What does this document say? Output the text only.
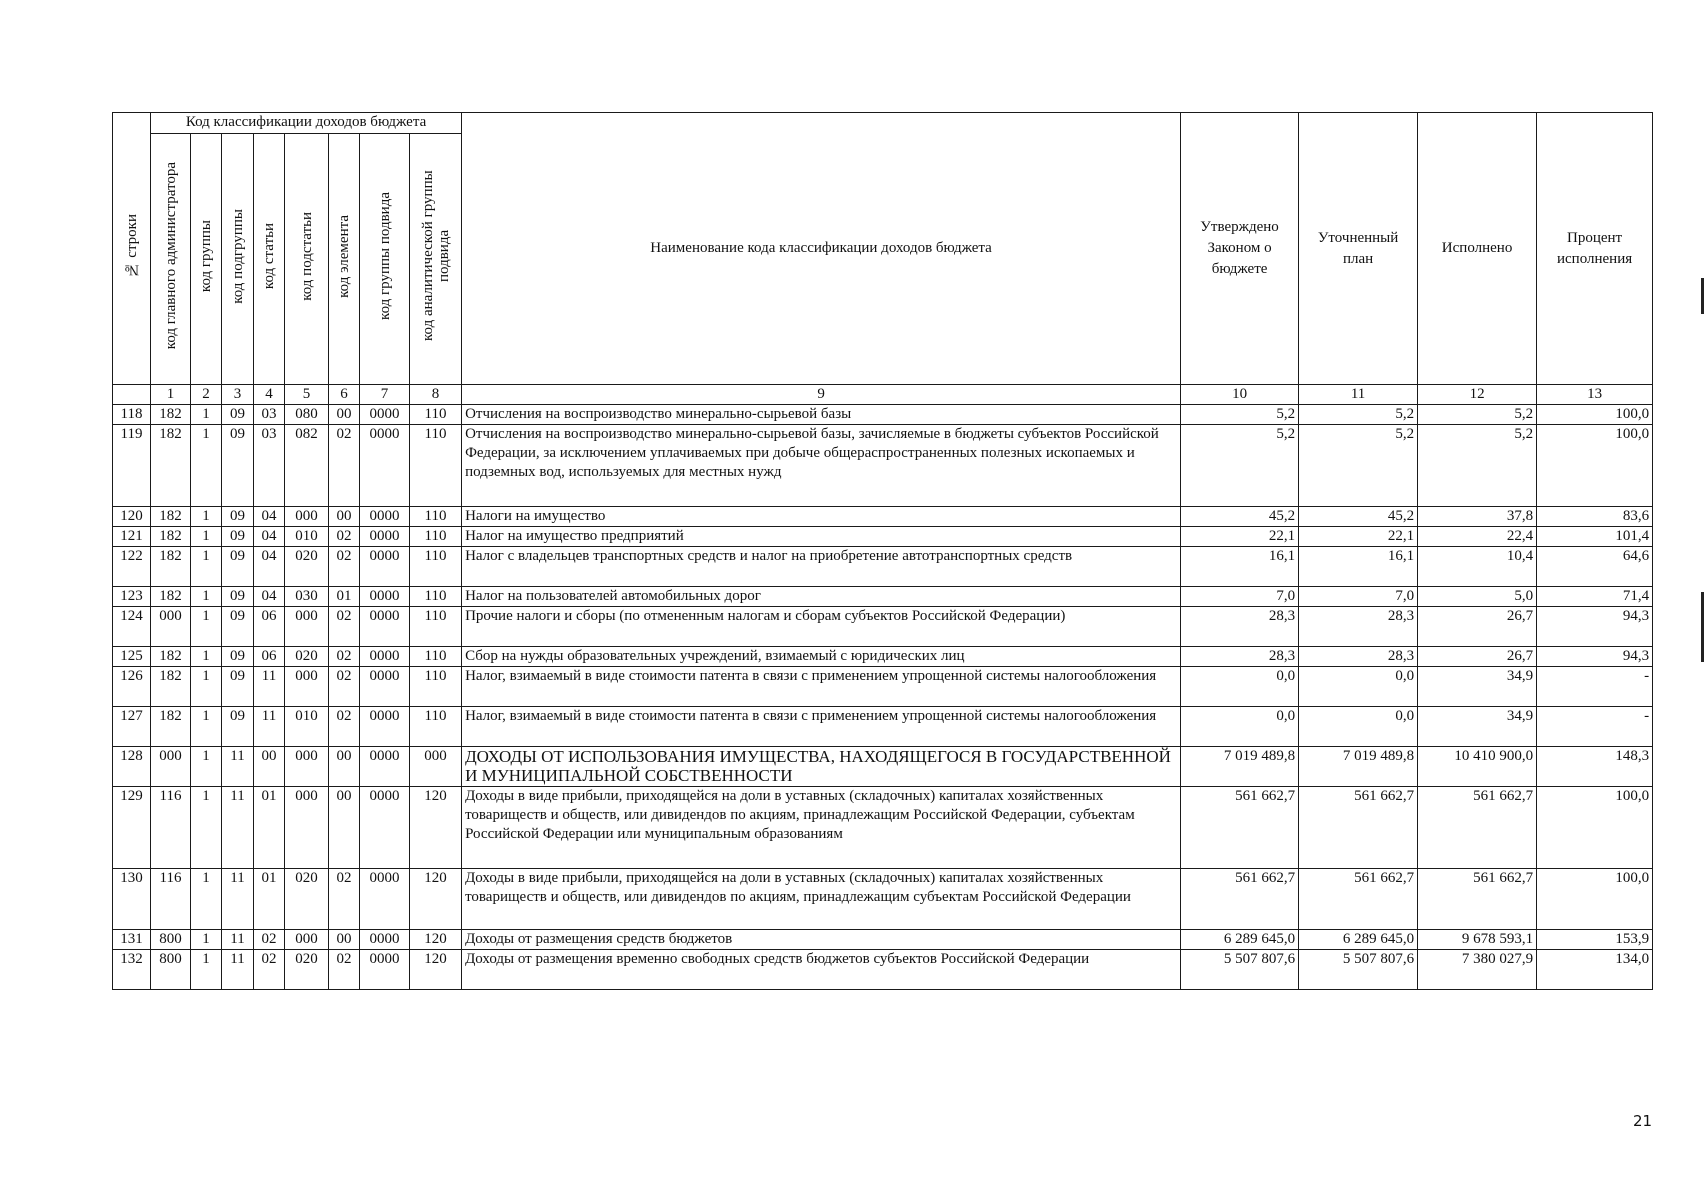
№ строки	Код классификации доходов бюджета								Наименование кода классификации доходов бюджета	Утверждено Законом о бюджете	Уточненный план	Исполнено	Процент исполнения
	код главного администратора	код группы	код подгруппы	код статьи	код подстатьи	код элемента	код группы подвида	код аналитической группы подвида					
	1	2	3	4	5	6	7	8	9	10	11	12	13
118	182	1	09	03	080	00	0000	110	Отчисления на воспроизводство минерально-сырьевой базы	5,2	5,2	5,2	100,0
119	182	1	09	03	082	02	0000	110	Отчисления на воспроизводство минерально-сырьевой базы, зачисляемые в бюджеты субъектов Российской Федерации, за исключением уплачиваемых при добыче общераспространенных полезных ископаемых и подземных вод, используемых для местных нужд	5,2	5,2	5,2	100,0
120	182	1	09	04	000	00	0000	110	Налоги на имущество	45,2	45,2	37,8	83,6
121	182	1	09	04	010	02	0000	110	Налог на имущество предприятий	22,1	22,1	22,4	101,4
122	182	1	09	04	020	02	0000	110	Налог с владельцев транспортных средств и налог на приобретение автотранспортных средств	16,1	16,1	10,4	64,6
123	182	1	09	04	030	01	0000	110	Налог на пользователей автомобильных дорог	7,0	7,0	5,0	71,4
124	000	1	09	06	000	02	0000	110	Прочие налоги и сборы (по отмененным налогам и сборам субъектов Российской Федерации)	28,3	28,3	26,7	94,3
125	182	1	09	06	020	02	0000	110	Сбор на нужды образовательных учреждений, взимаемый с юридических лиц	28,3	28,3	26,7	94,3
126	182	1	09	11	000	02	0000	110	Налог, взимаемый в виде стоимости патента в связи с применением упрощенной системы налогообложения	0,0	0,0	34,9	-
127	182	1	09	11	010	02	0000	110	Налог, взимаемый в виде стоимости патента в связи с применением упрощенной системы налогообложения	0,0	0,0	34,9	-
128	000	1	11	00	000	00	0000	000	ДОХОДЫ ОТ ИСПОЛЬЗОВАНИЯ ИМУЩЕСТВА, НАХОДЯЩЕГОСЯ В ГОСУДАРСТВЕННОЙ И МУНИЦИПАЛЬНОЙ СОБСТВЕННОСТИ	7 019 489,8	7 019 489,8	10 410 900,0	148,3
129	116	1	11	01	000	00	0000	120	Доходы в виде прибыли, приходящейся на доли в уставных (складочных) капиталах хозяйственных товариществ и обществ, или дивидендов по акциям, принадлежащим Российской Федерации, субъектам Российской Федерации или муниципальным образованиям	561 662,7	561 662,7	561 662,7	100,0
130	116	1	11	01	020	02	0000	120	Доходы в виде прибыли, приходящейся на доли в уставных (складочных) капиталах хозяйственных товариществ и обществ, или дивидендов по акциям, принадлежащим субъектам Российской Федерации	561 662,7	561 662,7	561 662,7	100,0
131	800	1	11	02	000	00	0000	120	Доходы от размещения средств бюджетов	6 289 645,0	6 289 645,0	9 678 593,1	153,9
132	800	1	11	02	020	02	0000	120	Доходы от размещения временно свободных средств бюджетов субъектов Российской Федерации	5 507 807,6	5 507 807,6	7 380 027,9	134,0
21
